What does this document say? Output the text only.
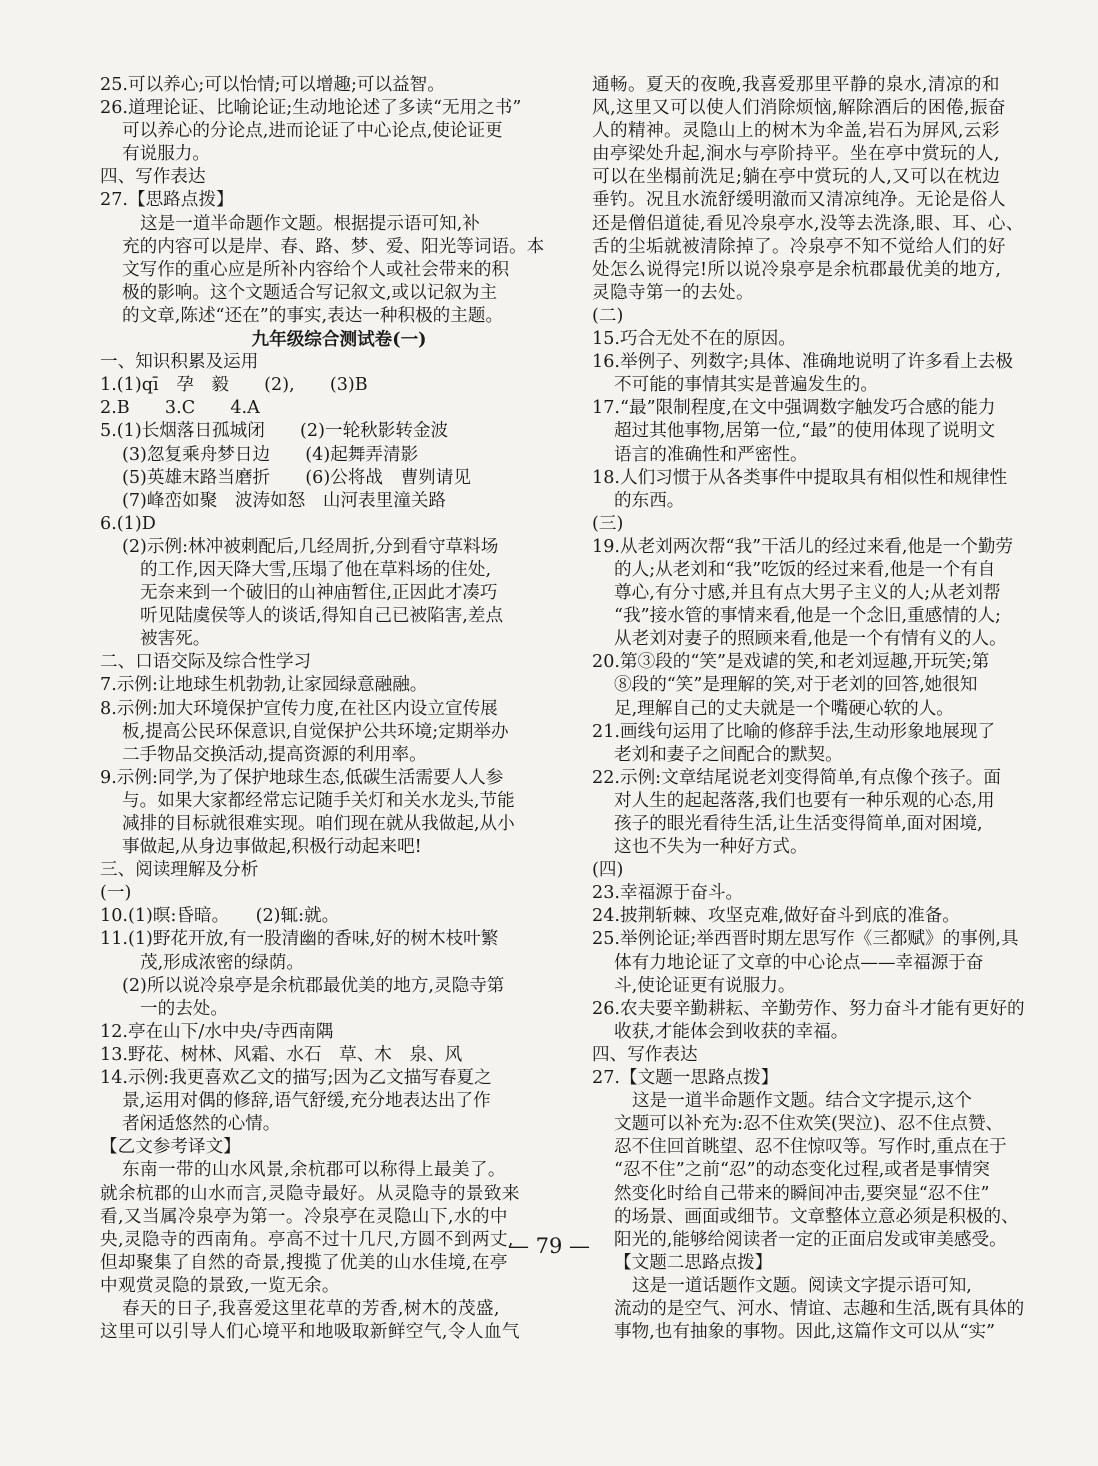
25.可以养心;可以怡情;可以增趣;可以益智。
26.道理论证、比喻论证;生动地论述了多读“无用之书”
可以养心的分论点,进而论证了中心论点,使论证更
有说服力。
四、写作表达
27.【思路点拨】
这是一道半命题作文题。根据提示语可知,补
充的内容可以是岸、春、路、梦、爱、阳光等词语。本
文写作的重心应是所补内容给个人或社会带来的积
极的影响。这个文题适合写记叙文,或以记叙为主
的文章,陈述“还在”的事实,表达一种积极的主题。
九年级综合测试卷(一)
一、知识积累及运用
1.(1)qī　孕　毅　　(2),　　(3)B
2.B　　3.C　　4.A
5.(1)长烟落日孤城闭　　(2)一轮秋影转金波
(3)忽复乘舟梦日边　　(4)起舞弄清影
(5)英雄末路当磨折　　(6)公将战　曹刿请见
(7)峰峦如聚　波涛如怒　山河表里潼关路
6.(1)D
(2)示例:林冲被刺配后,几经周折,分到看守草料场
的工作,因天降大雪,压塌了他在草料场的住处,
无奈来到一个破旧的山神庙暂住,正因此才凑巧
听见陆虞侯等人的谈话,得知自己已被陷害,差点
被害死。
二、口语交际及综合性学习
7.示例:让地球生机勃勃,让家园绿意融融。
8.示例:加大环境保护宣传力度,在社区内设立宣传展
板,提高公民环保意识,自觉保护公共环境;定期举办
二手物品交换活动,提高资源的利用率。
9.示例:同学,为了保护地球生态,低碳生活需要人人参
与。如果大家都经常忘记随手关灯和关水龙头,节能
减排的目标就很难实现。咱们现在就从我做起,从小
事做起,从身边事做起,积极行动起来吧!
三、阅读理解及分析
(一)
10.(1)暝:昏暗。　　(2)辄:就。
11.(1)野花开放,有一股清幽的香味,好的树木枝叶繁
茂,形成浓密的绿荫。
(2)所以说冷泉亭是余杭郡最优美的地方,灵隐寺第
一的去处。
12.亭在山下/水中央/寺西南隅
13.野花、树林、风霜、水石　草、木　泉、风
14.示例:我更喜欢乙文的描写;因为乙文描写春夏之
景,运用对偶的修辞,语气舒缓,充分地表达出了作
者闲适悠然的心情。
【乙文参考译文】
东南一带的山水风景,余杭郡可以称得上最美了。
就余杭郡的山水而言,灵隐寺最好。从灵隐寺的景致来
看,又当属冷泉亭为第一。冷泉亭在灵隐山下,水的中
央,灵隐寺的西南角。亭高不过十几尺,方圆不到两丈,
但却聚集了自然的奇景,搜揽了优美的山水佳境,在亭
中观赏灵隐的景致,一览无余。
春天的日子,我喜爱这里花草的芳香,树木的茂盛,
这里可以引导人们心境平和地吸取新鲜空气,令人血气
通畅。夏天的夜晚,我喜爱那里平静的泉水,清凉的和
风,这里又可以使人们消除烦恼,解除酒后的困倦,振奋
人的精神。灵隐山上的树木为伞盖,岩石为屏风,云彩
由亭梁处升起,涧水与亭阶持平。坐在亭中赏玩的人,
可以在坐榻前洗足;躺在亭中赏玩的人,又可以在枕边
垂钓。况且水流舒缓明澈而又清凉纯净。无论是俗人
还是僧侣道徒,看见冷泉亭水,没等去洗涤,眼、耳、心、
舌的尘垢就被清除掉了。冷泉亭不知不觉给人们的好
处怎么说得完!所以说冷泉亭是余杭郡最优美的地方,
灵隐寺第一的去处。
(二)
15.巧合无处不在的原因。
16.举例子、列数字;具体、准确地说明了许多看上去极
不可能的事情其实是普遍发生的。
17.“最”限制程度,在文中强调数字触发巧合感的能力
超过其他事物,居第一位,“最”的使用体现了说明文
语言的准确性和严密性。
18.人们习惯于从各类事件中提取具有相似性和规律性
的东西。
(三)
19.从老刘两次帮“我”干活儿的经过来看,他是一个勤劳
的人;从老刘和“我”吃饭的经过来看,他是一个有自
尊心,有分寸感,并且有点大男子主义的人;从老刘帮
“我”接水管的事情来看,他是一个念旧,重感情的人;
从老刘对妻子的照顾来看,他是一个有情有义的人。
20.第③段的“笑”是戏谑的笑,和老刘逗趣,开玩笑;第
⑧段的“笑”是理解的笑,对于老刘的回答,她很知
足,理解自己的丈夫就是一个嘴硬心软的人。
21.画线句运用了比喻的修辞手法,生动形象地展现了
老刘和妻子之间配合的默契。
22.示例:文章结尾说老刘变得简单,有点像个孩子。面
对人生的起起落落,我们也要有一种乐观的心态,用
孩子的眼光看待生活,让生活变得简单,面对困境,
这也不失为一种好方式。
(四)
23.幸福源于奋斗。
24.披荆斩棘、攻坚克难,做好奋斗到底的准备。
25.举例论证;举西晋时期左思写作《三都赋》的事例,具
体有力地论证了文章的中心论点——幸福源于奋
斗,使论证更有说服力。
26.农夫要辛勤耕耘、辛勤劳作、努力奋斗才能有更好的
收获,才能体会到收获的幸福。
四、写作表达
27.【文题一思路点拨】
这是一道半命题作文题。结合文字提示,这个
文题可以补充为:忍不住欢笑(哭泣)、忍不住点赞、
忍不住回首眺望、忍不住惊叹等。写作时,重点在于
“忍不住”之前“忍”的动态变化过程,或者是事情突
然变化时给自己带来的瞬间冲击,要突显“忍不住”
的场景、画面或细节。文章整体立意必须是积极的、
阳光的,能够给阅读者一定的正面启发或审美感受。
【文题二思路点拨】
这是一道话题作文题。阅读文字提示语可知,
流动的是空气、河水、情谊、志趣和生活,既有具体的
事物,也有抽象的事物。因此,这篇作文可以从“实”
— 79 —
